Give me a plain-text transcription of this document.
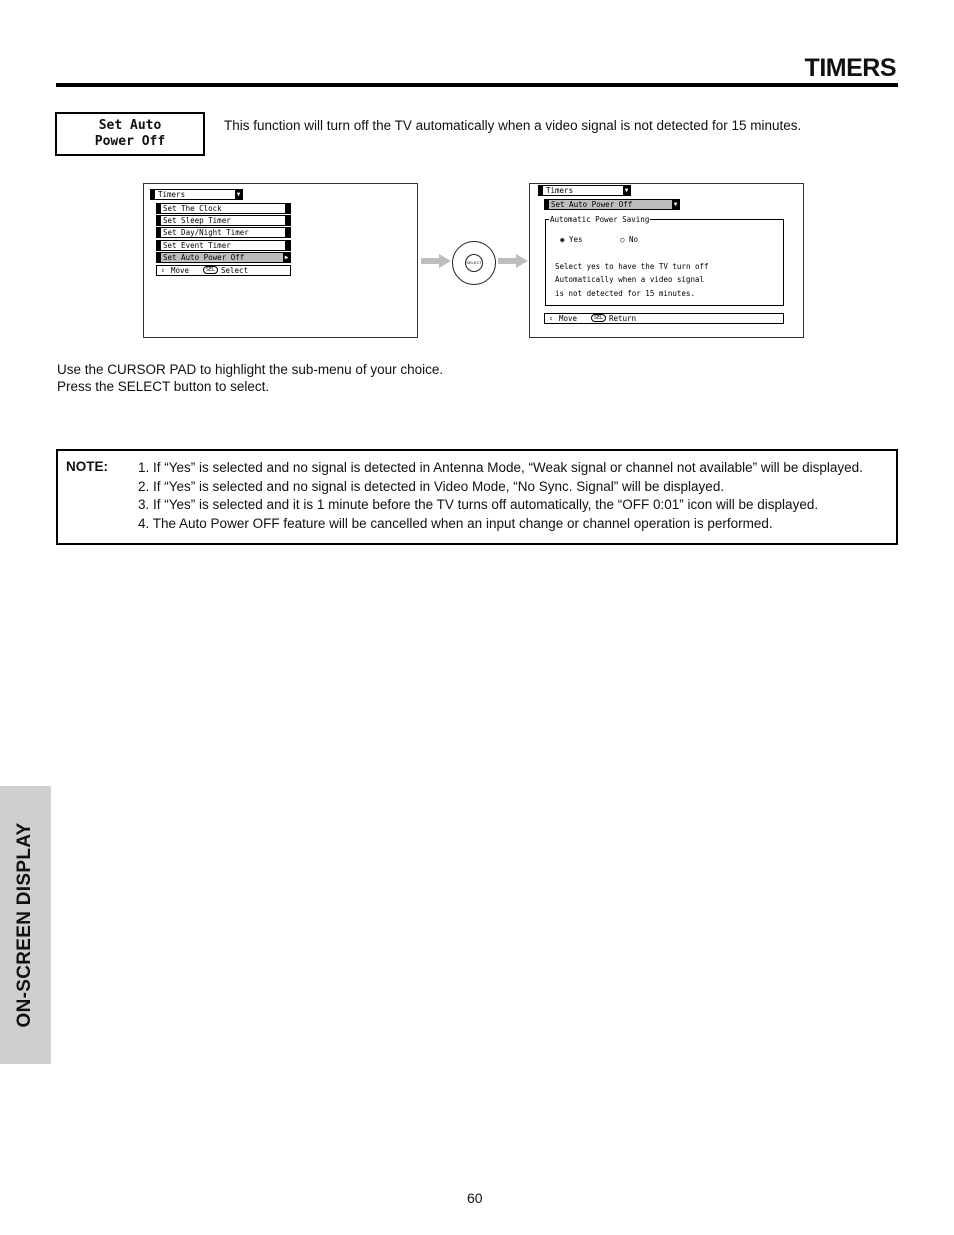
TIMERS
Set Auto
Power Off
This function will turn off the TV automatically when a video signal is not detected for 15 minutes.
Timers	▼
Set The Clock
Set Sleep Timer
Set Day/Night Timer
Set Event Timer
Set Auto Power Off	▶
⇕ Move	SEL Select
SELECT
Timers	▼
Set Auto Power Off	▼
Automatic Power Saving
◉ Yes	○ No
Select yes to have the TV turn off
Automatically when a video signal
is not detected for 15 minutes.
⇕ Move	SEL Return
Use the CURSOR PAD to highlight the sub-menu of your choice.
Press the SELECT button to select.
NOTE: 1. If “Yes” is selected and no signal is detected in Antenna Mode, “Weak signal or channel not available” will be displayed.
2. If “Yes” is selected and no signal is detected in Video Mode, “No Sync. Signal” will be displayed.
3. If “Yes” is selected and it is 1 minute before the TV turns off automatically, the “OFF 0:01” icon will be displayed.
4. The Auto Power OFF feature will be cancelled when an input change or channel operation is performed.
ON-SCREEN DISPLAY
60
